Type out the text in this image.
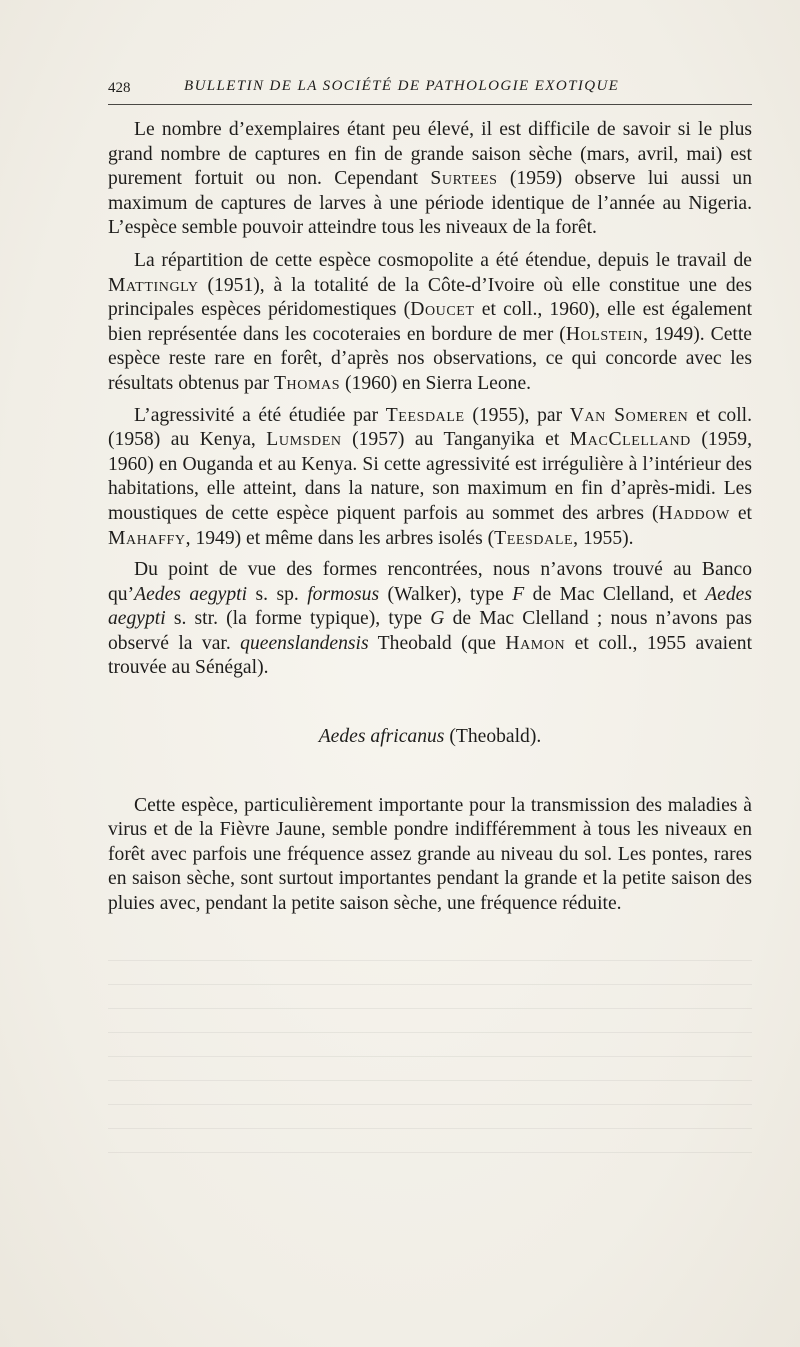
428	BULLETIN DE LA SOCIÉTÉ DE PATHOLOGIE EXOTIQUE

Le nombre d’exemplaires étant peu élevé, il est difficile de savoir si le plus grand nombre de captures en fin de grande saison sèche (mars, avril, mai) est purement fortuit ou non. Cependant Surtees (1959) observe lui aussi un maximum de captures de larves à une période identique de l’année au Nigeria. L’espèce semble pouvoir atteindre tous les niveaux de la forêt.

La répartition de cette espèce cosmopolite a été étendue, depuis le travail de Mattingly (1951), à la totalité de la Côte-d’Ivoire où elle constitue une des principales espèces péridomestiques (Doucet et coll., 1960), elle est également bien représentée dans les cocoteraies en bordure de mer (Holstein, 1949). Cette espèce reste rare en forêt, d’après nos observations, ce qui concorde avec les résultats obtenus par Thomas (1960) en Sierra Leone.

L’agressivité a été étudiée par Teesdale (1955), par Van Someren et coll. (1958) au Kenya, Lumsden (1957) au Tanganyika et MacClelland (1959, 1960) en Ouganda et au Kenya. Si cette agressivité est irrégulière à l’intérieur des habitations, elle atteint, dans la nature, son maximum en fin d’après-midi. Les moustiques de cette espèce piquent parfois au sommet des arbres (Haddow et Mahaffy, 1949) et même dans les arbres isolés (Teesdale, 1955).

Du point de vue des formes rencontrées, nous n’avons trouvé au Banco qu’Aedes aegypti s. sp. formosus (Walker), type F de Mac Clelland, et Aedes aegypti s. str. (la forme typique), type G de Mac Clelland ; nous n’avons pas observé la var. queenslandensis Theobald (que Hamon et coll., 1955 avaient trouvée au Sénégal).

Aedes africanus (Theobald).

Cette espèce, particulièrement importante pour la transmission des maladies à virus et de la Fièvre Jaune, semble pondre indifféremment à tous les niveaux en forêt avec parfois une fréquence assez grande au niveau du sol. Les pontes, rares en saison sèche, sont surtout importantes pendant la grande et la petite saison des pluies avec, pendant la petite saison sèche, une fréquence réduite.
